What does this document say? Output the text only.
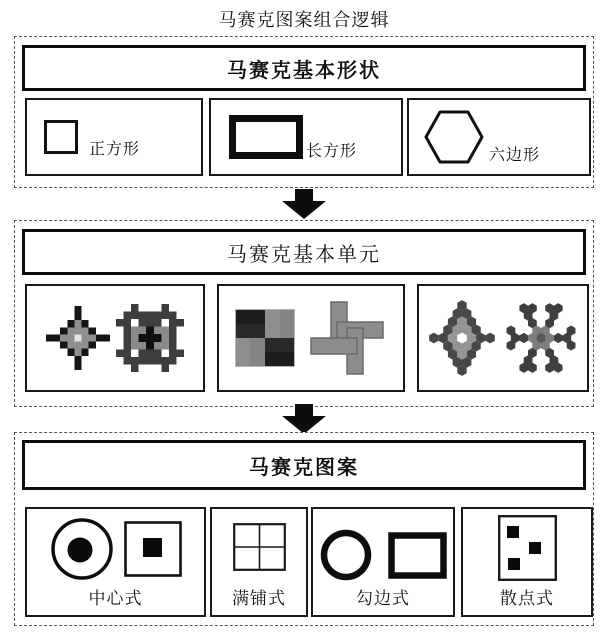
马赛克图案组合逻辑
马赛克基本形状
正方形	长方形	六边形
马赛克基本单元
马赛克图案
中心式	满铺式	勾边式	散点式
